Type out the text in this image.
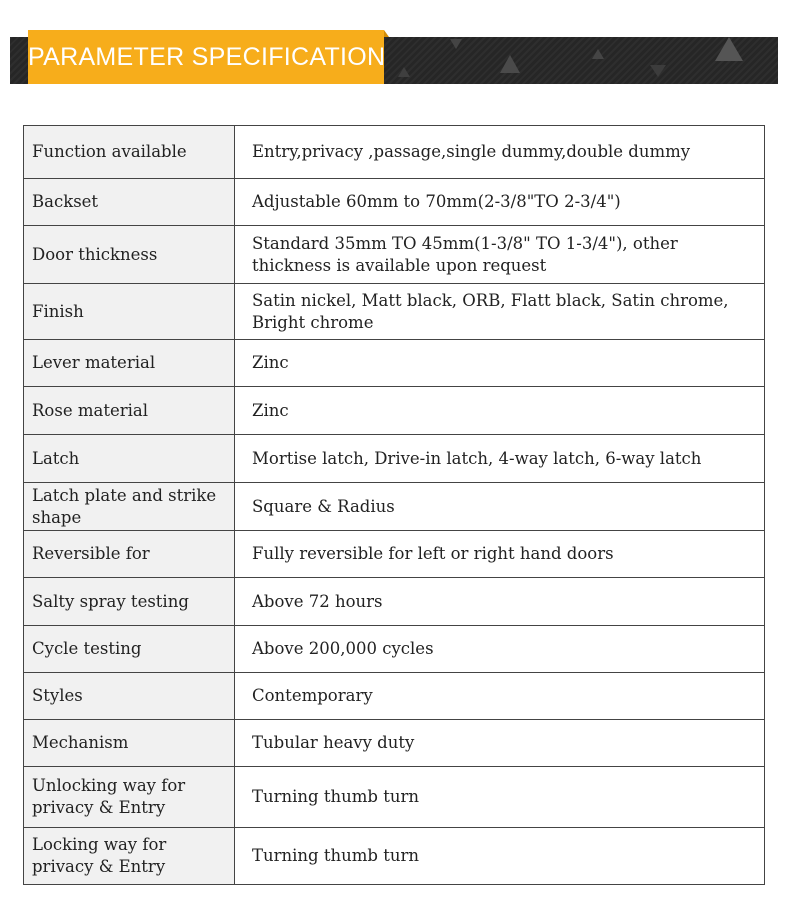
PARAMETER SPECIFICATION
Function available	Entry,privacy ,passage,single dummy,double dummy
Backset	Adjustable 60mm to 70mm(2-3/8"TO 2-3/4")
Door thickness	Standard 35mm TO 45mm(1-3/8" TO 1-3/4"), other thickness is available upon request
Finish	Satin nickel, Matt black, ORB, Flatt black, Satin chrome, Bright chrome
Lever material	Zinc
Rose material	Zinc
Latch	Mortise latch, Drive-in latch, 4-way latch, 6-way latch
Latch plate and strike shape	Square & Radius
Reversible for	Fully reversible for left or right hand doors
Salty spray testing	Above 72 hours
Cycle testing	Above 200,000 cycles
Styles	Contemporary
Mechanism	Tubular heavy duty
Unlocking way for privacy & Entry	Turning thumb turn
Locking way for privacy & Entry	Turning thumb turn
